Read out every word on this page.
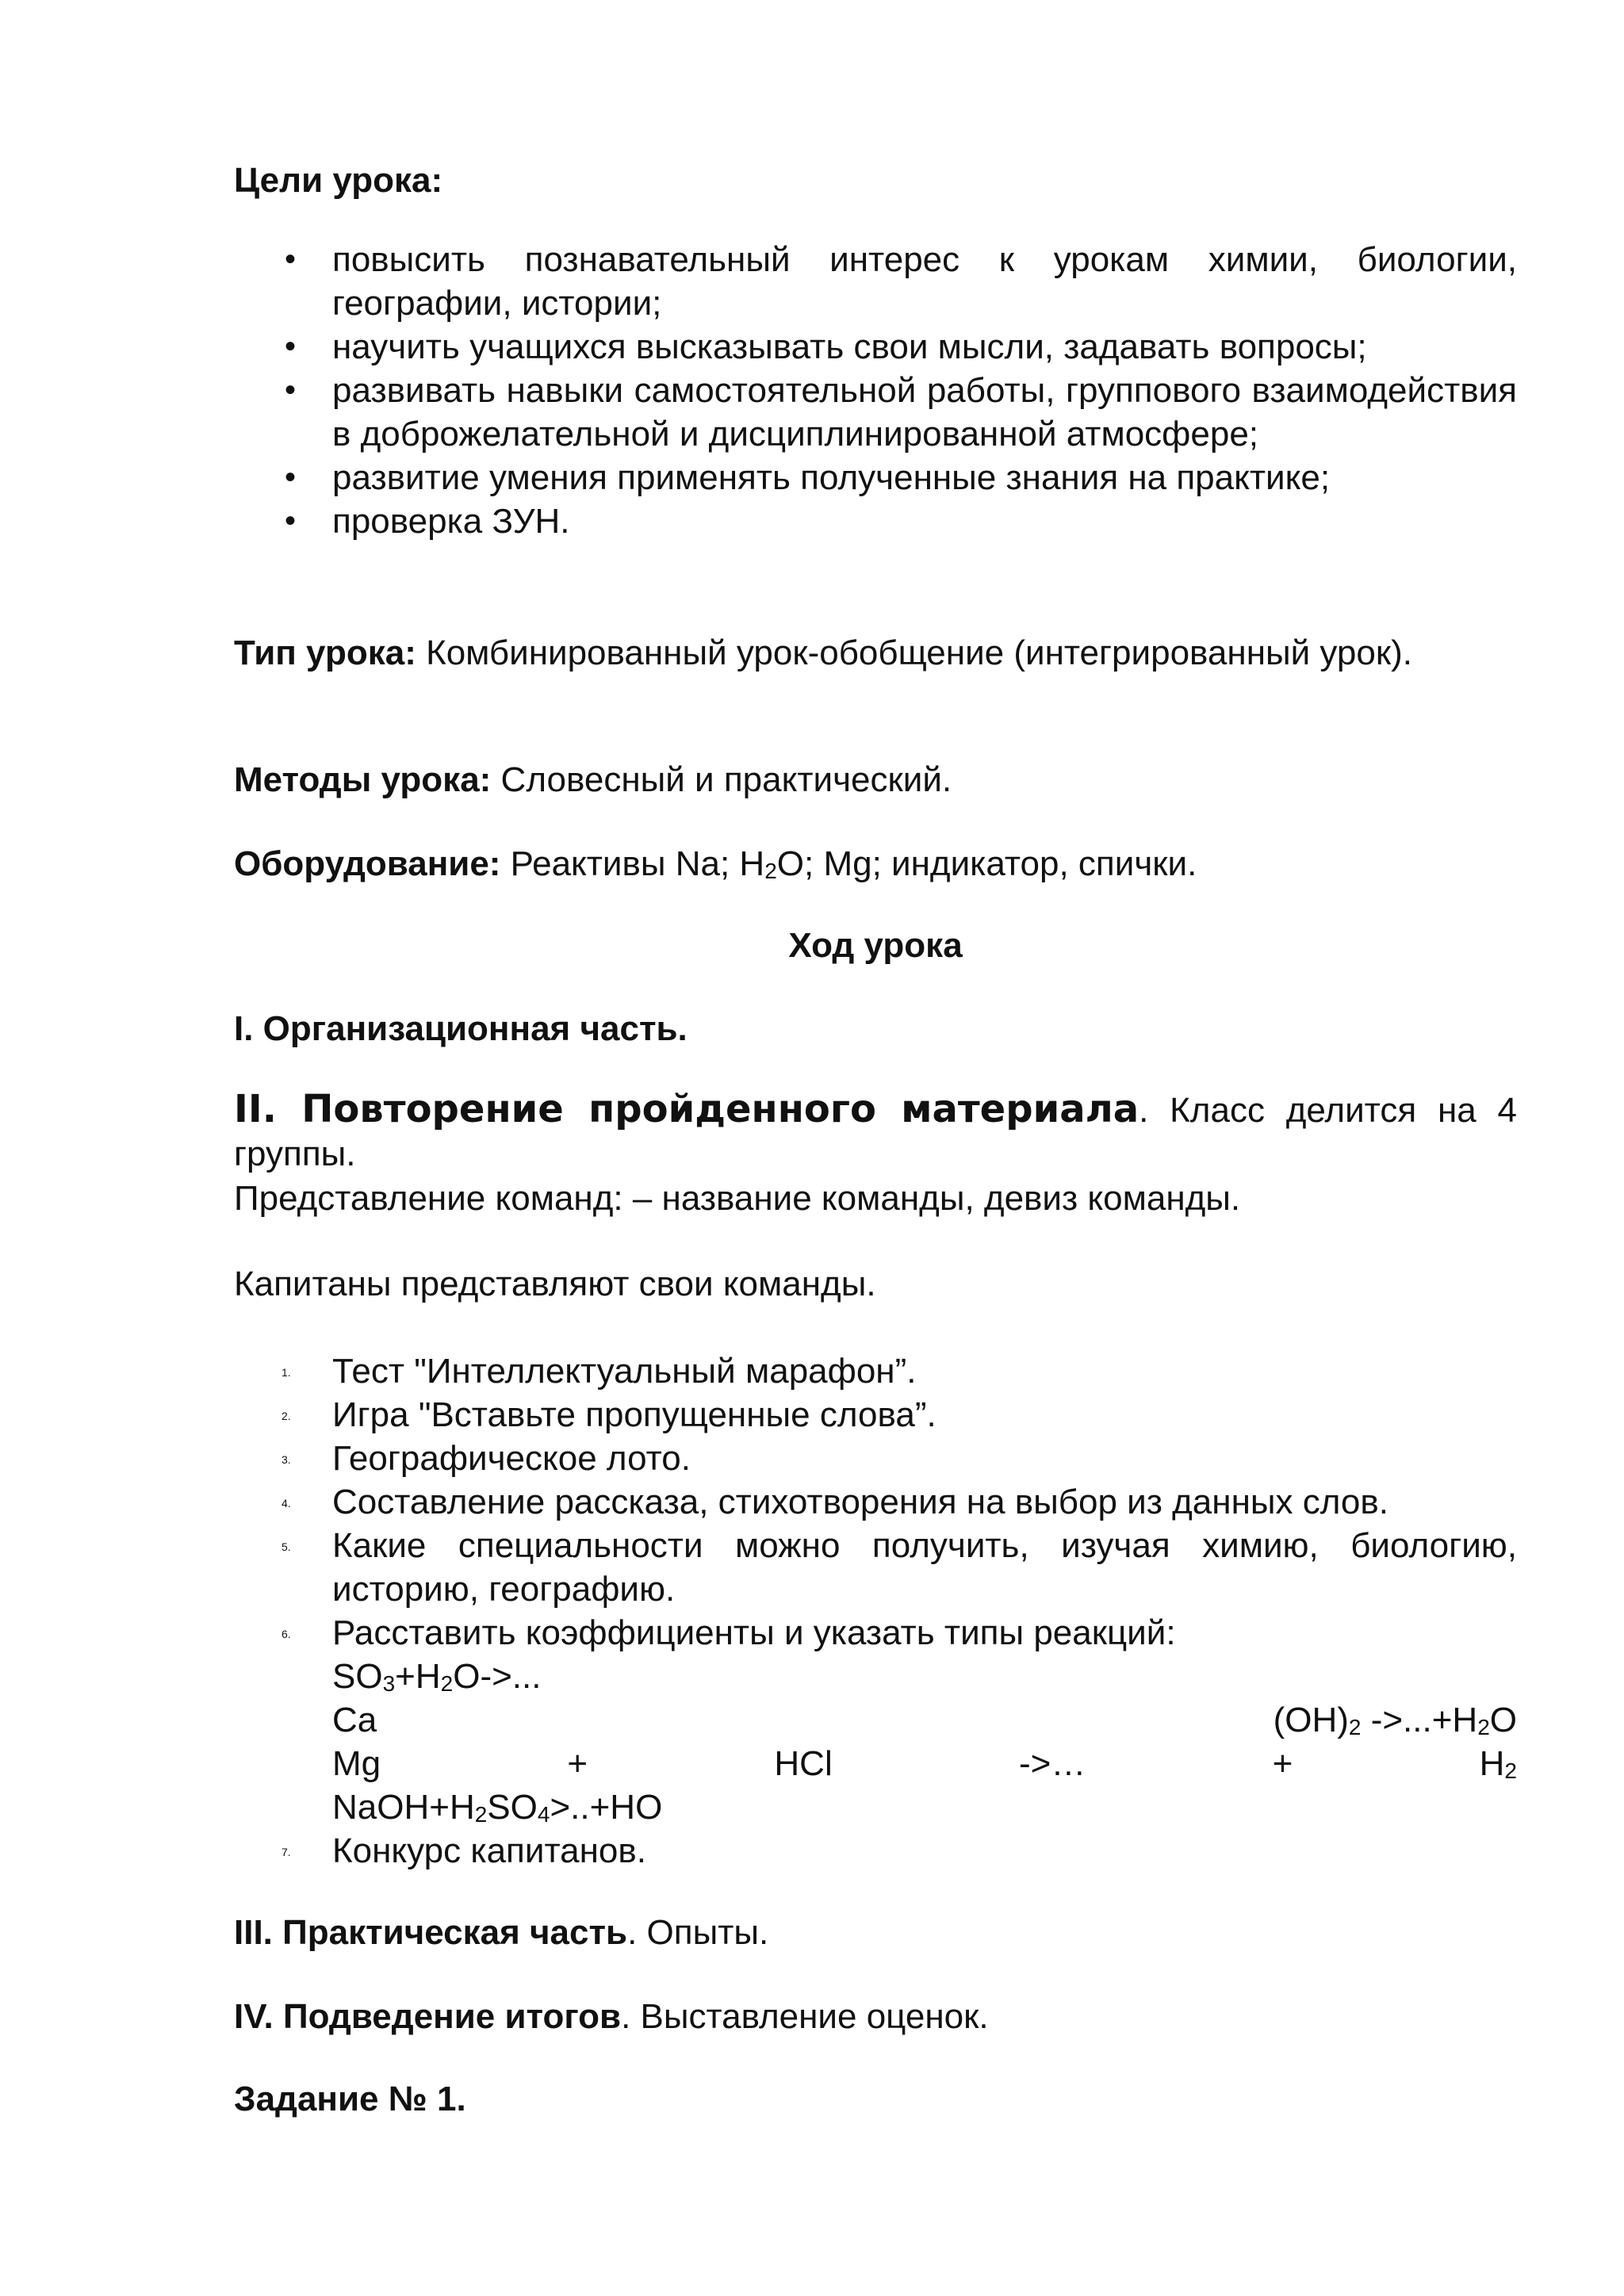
Цели урока:
• повысить познавательный интерес к урокам химии, биологии, географии, истории;
• научить учащихся высказывать свои мысли, задавать вопросы;
• развивать навыки самостоятельной работы, группового взаимодействия в доброжелательной и дисциплинированной атмосфере;
• развитие умения применять полученные знания на практике;
• проверка ЗУН.
Тип урока: Комбинированный урок-обобщение (интегрированный урок).
Методы урока: Словесный и практический.
Оборудование: Реактивы Na; $H_2O$; Mg; индикатор, спички.
Ход урока
I. Организационная часть.
II. Повторение пройденного материала. Класс делится на 4 группы.
Представление команд: – название команды, девиз команды.
Капитаны представляют свои команды.
1. Тест "Интеллектуальный марафон”.
2. Игра "Вставьте пропущенные слова”.
3. Географическое лото.
4. Составление рассказа, стихотворения на выбор из данных слов.
5. Какие специальности можно получить, изучая химию, биологию, историю, географию.
6. Расставить коэффициенты и указать типы реакций:
$SO_3+H_2O->$...
Ca	$(OH)_2$ $->...+H_2O$
Mg	+	HCl	->…	+	$H_2$
$NaOH+H_2SO_4>..+HO$
7. Конкурс капитанов.
III. Практическая часть. Опыты.
IV. Подведение итогов. Выставление оценок.
Задание № 1.
